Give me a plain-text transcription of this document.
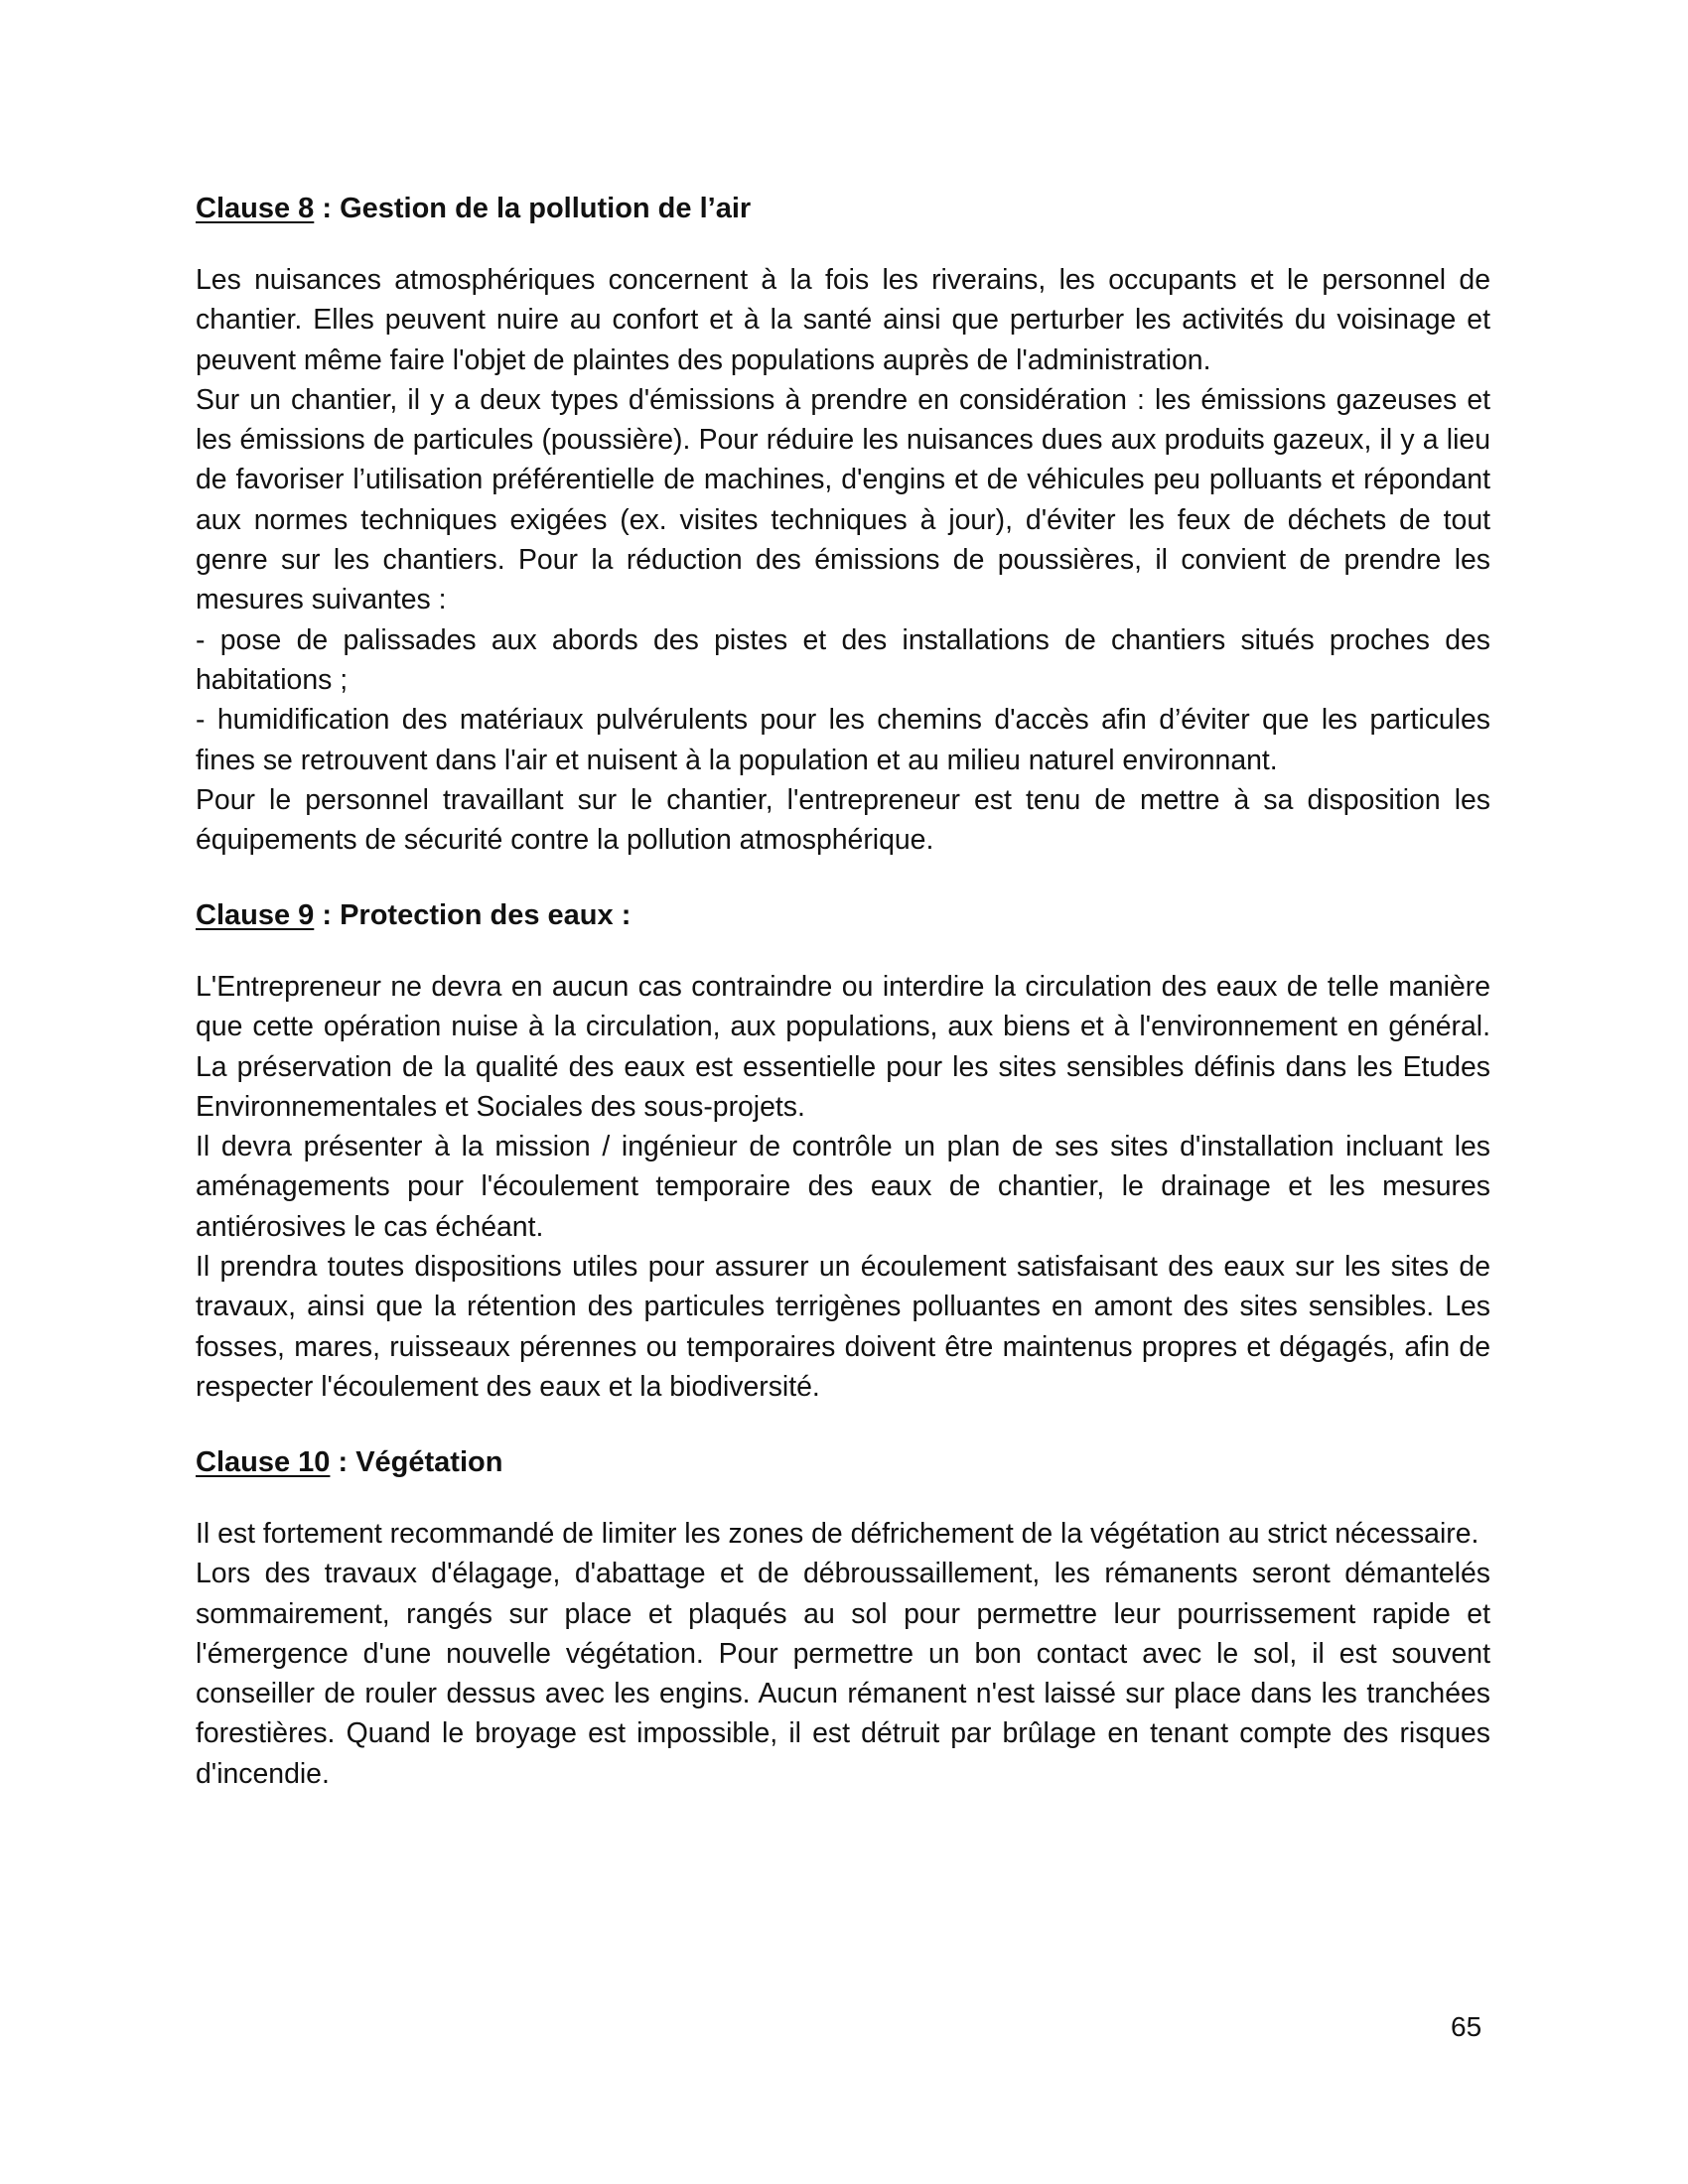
Clause 8 : Gestion de la pollution de l’air

Les nuisances atmosphériques concernent à la fois les riverains, les occupants et le personnel de chantier. Elles peuvent nuire au confort et à la santé ainsi que perturber les activités du voisinage et peuvent même faire l'objet de plaintes des populations auprès de l'administration.

Sur un chantier, il y a deux types d'émissions à prendre en considération : les émissions gazeuses et les émissions de particules (poussière). Pour réduire les nuisances dues aux produits gazeux, il y a lieu de favoriser l’utilisation préférentielle de machines, d'engins et de véhicules peu polluants et répondant aux normes techniques exigées (ex. visites techniques à jour), d'éviter les feux de déchets de tout genre sur les chantiers. Pour la réduction des émissions de poussières, il convient de prendre les mesures suivantes :

- pose de palissades aux abords des pistes et des installations de chantiers situés proches des habitations ;

- humidification des matériaux pulvérulents pour les chemins d'accès afin d’éviter que les particules fines se retrouvent dans l'air et nuisent à la population et au milieu naturel environnant.

Pour le personnel travaillant sur le chantier, l'entrepreneur est tenu de mettre à sa disposition les équipements de sécurité contre la pollution atmosphérique.

Clause 9 : Protection des eaux :

L'Entrepreneur ne devra en aucun cas contraindre ou interdire la circulation des eaux de telle manière que cette opération nuise à la circulation, aux populations, aux biens et à l'environnement en général. La préservation de la qualité des eaux est essentielle pour les sites sensibles définis dans les Etudes Environnementales et Sociales des sous-projets.

Il devra présenter à la mission / ingénieur de contrôle un plan de ses sites d'installation incluant les aménagements pour l'écoulement temporaire des eaux de chantier, le drainage et les mesures antiérosives le cas échéant.

Il prendra toutes dispositions utiles pour assurer un écoulement satisfaisant des eaux sur les sites de travaux, ainsi que la rétention des particules terrigènes polluantes en amont des sites sensibles. Les fosses, mares, ruisseaux pérennes ou temporaires doivent être maintenus propres et dégagés, afin de respecter l'écoulement des eaux et la biodiversité.

Clause 10 : Végétation

Il est fortement recommandé de limiter les zones de défrichement de la végétation au strict nécessaire.

Lors des travaux d'élagage, d'abattage et de débroussaillement, les rémanents seront démantelés sommairement, rangés sur place et plaqués au sol pour permettre leur pourrissement rapide et l'émergence d'une nouvelle végétation. Pour permettre un bon contact avec le sol, il est souvent conseiller de rouler dessus avec les engins. Aucun rémanent n'est laissé sur place dans les tranchées forestières. Quand le broyage est impossible, il est détruit par brûlage en tenant compte des risques d'incendie.

65
